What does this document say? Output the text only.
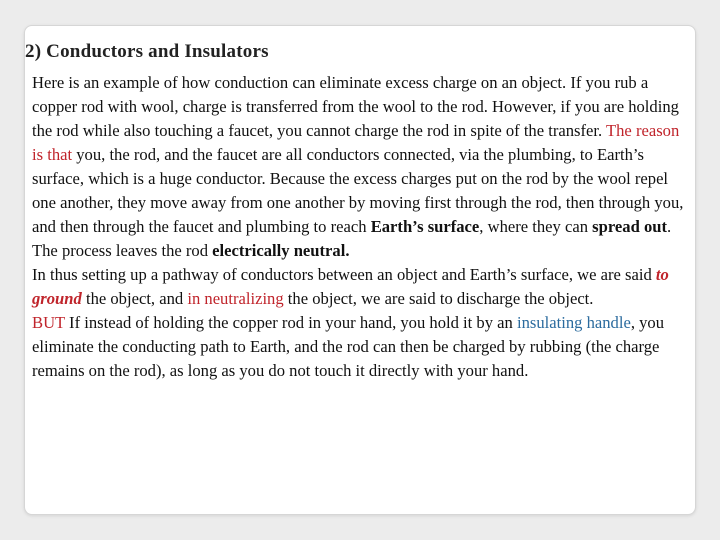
2) Conductors and Insulators

Here is an example of how conduction can eliminate excess charge on an object. If you rub a copper rod with wool, charge is transferred from the wool to the rod. However, if you are holding the rod while also touching a faucet, you cannot charge the rod in spite of the transfer. The reason is that you, the rod, and the faucet are all conductors connected, via the plumbing, to Earth’s surface, which is a huge conductor. Because the excess charges put on the rod by the wool repel one another, they move away from one another by moving first through the rod, then through you, and then through the faucet and plumbing to reach Earth’s surface, where they can spread out. The process leaves the rod electrically neutral.

In thus setting up a pathway of conductors between an object and Earth’s surface, we are said to ground the object, and in neutralizing the object, we are said to discharge the object.

BUT If instead of holding the copper rod in your hand, you hold it by an insulating handle, you eliminate the conducting path to Earth, and the rod can then be charged by rubbing (the charge remains on the rod), as long as you do not touch it directly with your hand.
